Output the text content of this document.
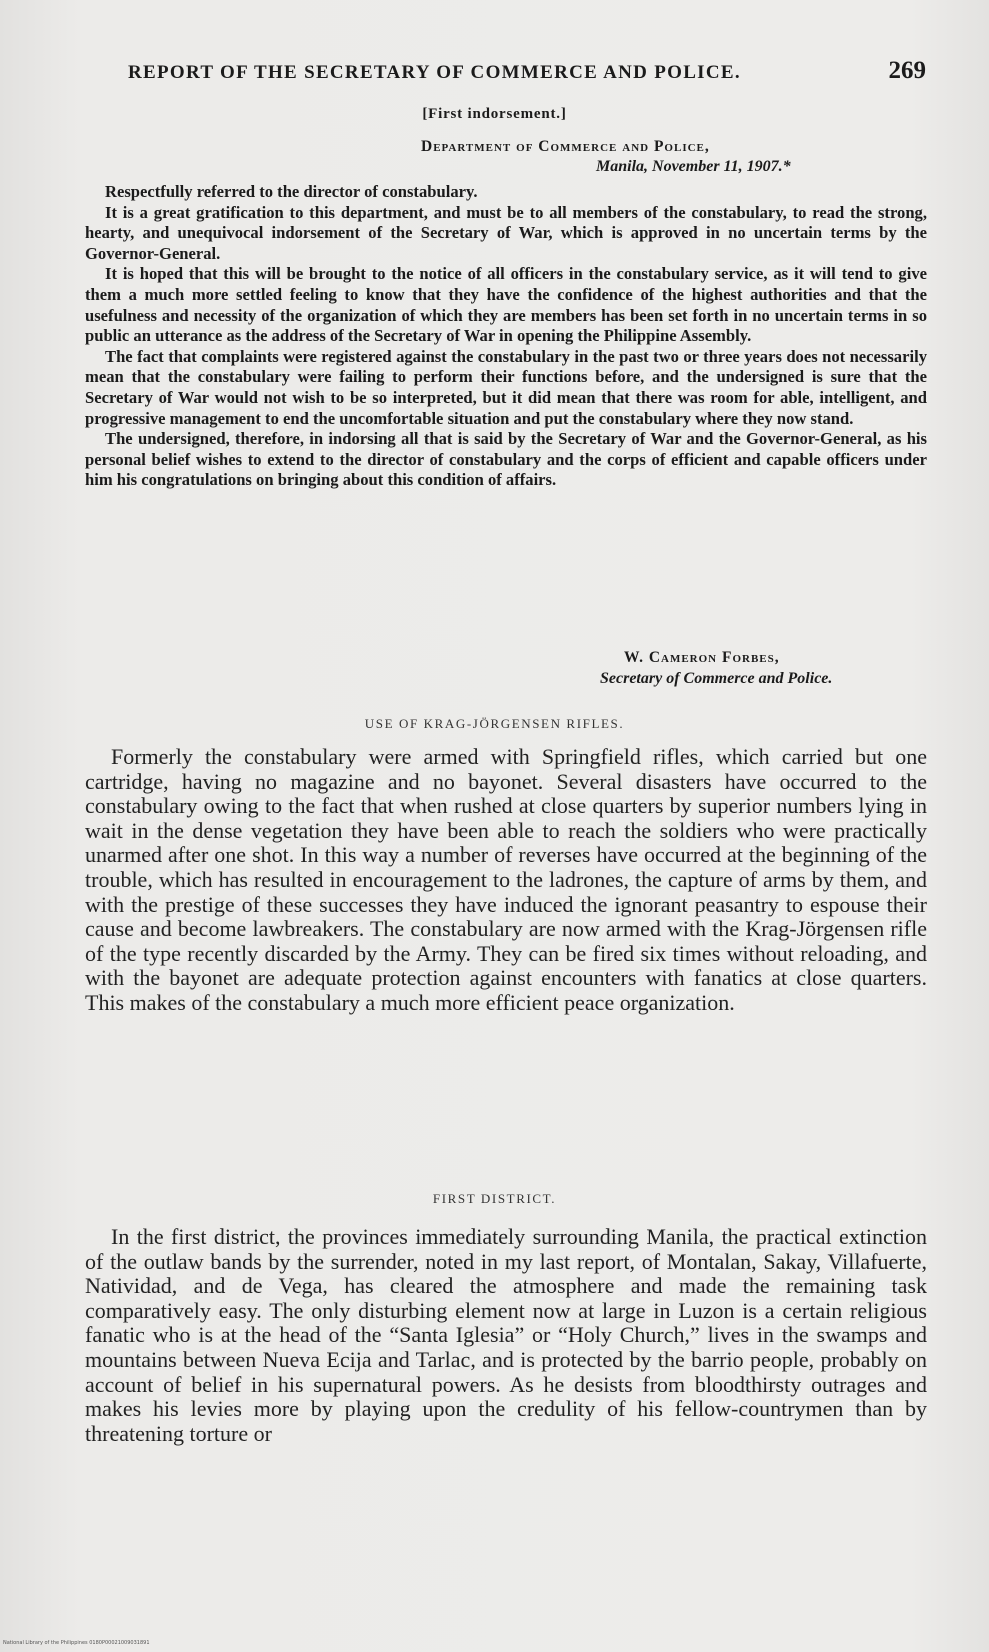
REPORT OF THE SECRETARY OF COMMERCE AND POLICE.	269
[First indorsement.]
Department of Commerce and Police,
Manila, November 11, 1907.*

Respectfully referred to the director of constabulary.

It is a great gratification to this department, and must be to all members of the constabulary, to read the strong, hearty, and unequivocal indorsement of the Secretary of War, which is approved in no uncertain terms by the Governor-General.

It is hoped that this will be brought to the notice of all officers in the constabulary service, as it will tend to give them a much more settled feeling to know that they have the confidence of the highest authorities and that the usefulness and necessity of the organization of which they are members has been set forth in no uncertain terms in so public an utterance as the address of the Secretary of War in opening the Philippine Assembly.

The fact that complaints were registered against the constabulary in the past two or three years does not necessarily mean that the constabulary were failing to perform their functions before, and the undersigned is sure that the Secretary of War would not wish to be so interpreted, but it did mean that there was room for able, intelligent, and progressive management to end the uncomfortable situation and put the constabulary where they now stand.

The undersigned, therefore, in indorsing all that is said by the Secretary of War and the Governor-General, as his personal belief wishes to extend to the director of constabulary and the corps of efficient and capable officers under him his congratulations on bringing about this condition of affairs.

W. Cameron Forbes,
Secretary of Commerce and Police.
USE OF KRAG-JÖRGENSEN RIFLES.

Formerly the constabulary were armed with Springfield rifles, which carried but one cartridge, having no magazine and no bayonet. Several disasters have occurred to the constabulary owing to the fact that when rushed at close quarters by superior numbers lying in wait in the dense vegetation they have been able to reach the soldiers who were practically unarmed after one shot. In this way a number of reverses have occurred at the beginning of the trouble, which has resulted in encouragement to the ladrones, the capture of arms by them, and with the prestige of these successes they have induced the ignorant peasantry to espouse their cause and become lawbreakers. The constabulary are now armed with the Krag-Jörgensen rifle of the type recently discarded by the Army. They can be fired six times without reloading, and with the bayonet are adequate protection against encounters with fanatics at close quarters. This makes of the constabulary a much more efficient peace organization.

FIRST DISTRICT.

In the first district, the provinces immediately surrounding Manila, the practical extinction of the outlaw bands by the surrender, noted in my last report, of Montalan, Sakay, Villafuerte, Natividad, and de Vega, has cleared the atmosphere and made the remaining task comparatively easy. The only disturbing element now at large in Luzon is a certain religious fanatic who is at the head of the “Santa Iglesia” or “Holy Church,” lives in the swamps and mountains between Nueva Ecija and Tarlac, and is protected by the barrio people, probably on account of belief in his supernatural powers. As he desists from bloodthirsty outrages and makes his levies more by playing upon the credulity of his fellow-countrymen than by threatening torture or

National Library of the Philippines 0180P00021009031891
